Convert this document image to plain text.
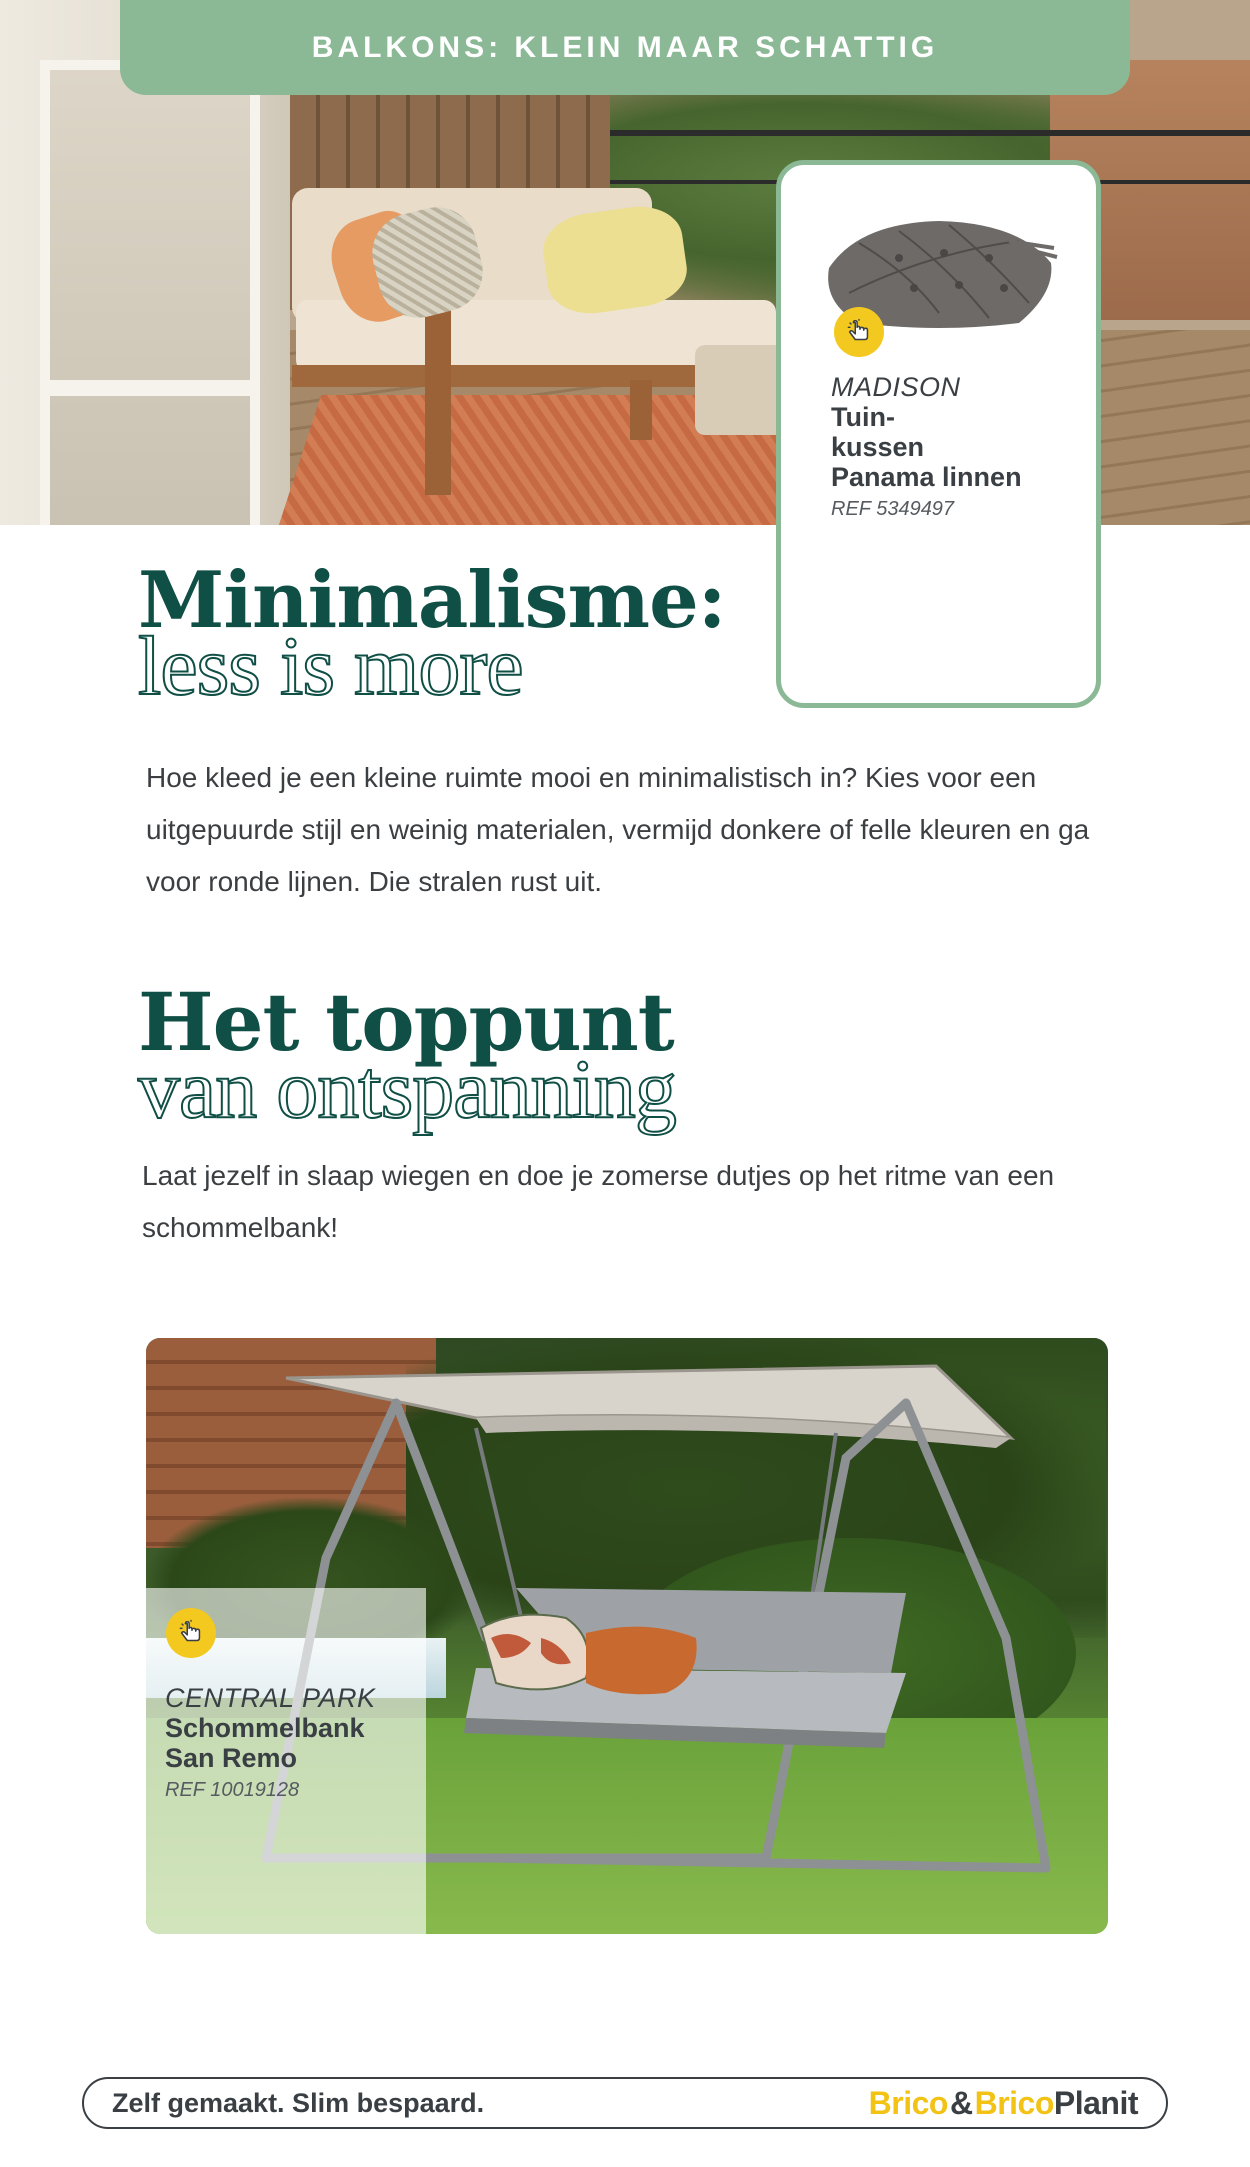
BALKONS: KLEIN MAAR SCHATTIG
MADISON
Tuin-
kussen
Panama linnen
REF 5349497
Minimalisme:
less is more

Hoe kleed je een kleine ruimte mooi en minimalistisch in? Kies voor een uitgepuurde stijl en weinig materialen, vermijd donkere of felle kleuren en ga voor ronde lijnen. Die stralen rust uit.

Het toppunt
van ontspanning

Laat jezelf in slaap wiegen en doe je zomerse dutjes op het ritme van een schommelbank!

CENTRAL PARK
Schommelbank
San Remo
REF 10019128
Zelf gemaakt. Slim bespaard.	Brico & Brico Planit
